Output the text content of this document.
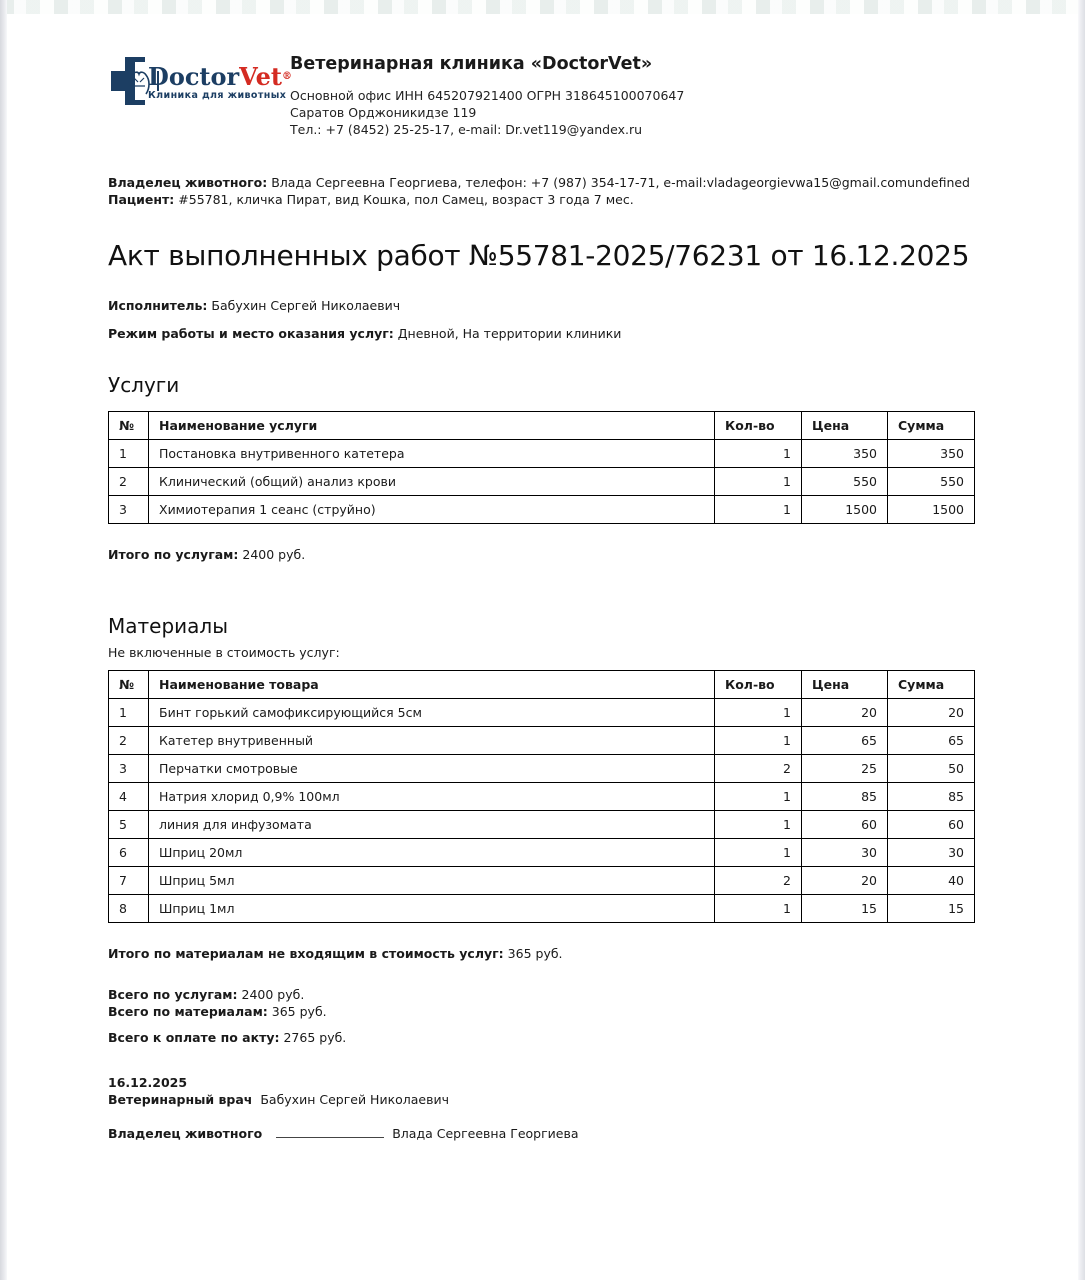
DoctorVet®
Клиника для животных
Ветеринарная клиника «DoctorVet»
Основной офис ИНН 645207921400 ОГРН 318645100070647
Саратов Орджоникидзе 119
Тел.: +7 (8452) 25-25-17, e-mail: Dr.vet119@yandex.ru
Владелец животного: Влада Сергеевна Георгиева, телефон: +7 (987) 354-17-71, e-mail:vladageorgievwa15@gmail.comundefined
Пациент: #55781, кличка Пират, вид Кошка, пол Самец, возраст 3 года 7 мес.
Акт выполненных работ №55781-2025/76231 от 16.12.2025
Исполнитель: Бабухин Сергей Николаевич
Режим работы и место оказания услуг: Дневной, На территории клиники
Услуги
№	Наименование услуги	Кол-во	Цена	Сумма
1	Постановка внутривенного катетера	1	350	350
2	Клинический (общий) анализ крови	1	550	550
3	Химиотерапия 1 сеанс (струйно)	1	1500	1500
Итого по услугам: 2400 руб.
Материалы
Не включенные в стоимость услуг:
№	Наименование товара	Кол-во	Цена	Сумма
1	Бинт горький самофиксирующийся 5см	1	20	20
2	Катетер внутривенный	1	65	65
3	Перчатки смотровые	2	25	50
4	Натрия хлорид 0,9% 100мл	1	85	85
5	линия для инфузомата	1	60	60
6	Шприц 20мл	1	30	30
7	Шприц 5мл	2	20	40
8	Шприц 1мл	1	15	15
Итого по материалам не входящим в стоимость услуг: 365 руб.
Всего по услугам: 2400 руб.
Всего по материалам: 365 руб.
Всего к оплате по акту: 2765 руб.
16.12.2025
Ветеринарный врач Бабухин Сергей Николаевич
Владелец животного	Влада Сергеевна Георгиева
